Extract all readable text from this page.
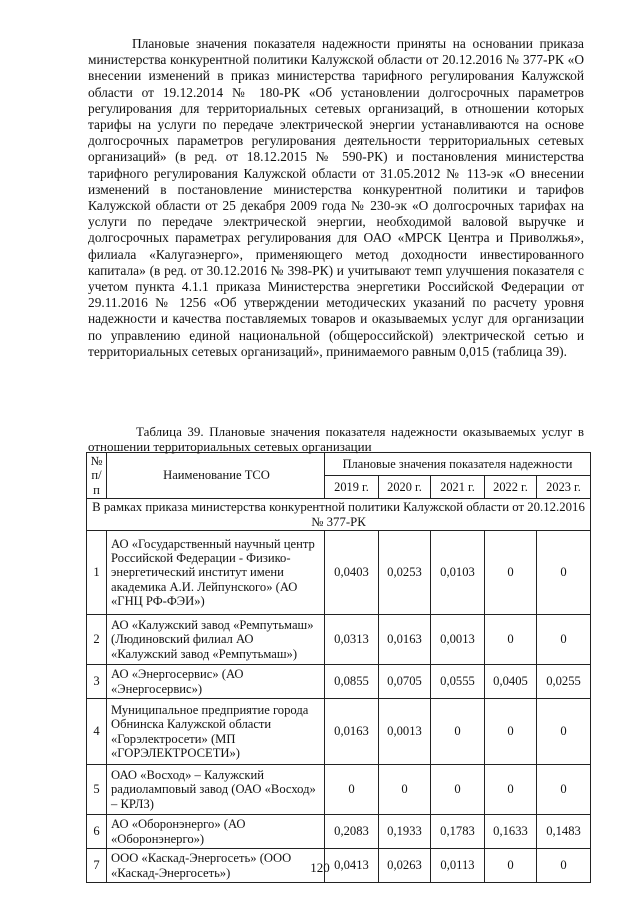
Плановые значения показателя надежности приняты на основании приказа министерства конкурентной политики Калужской области от 20.12.2016 № 377-РК «О внесении изменений в приказ министерства тарифного регулирования Калужской области от 19.12.2014 № 180-РК «Об установлении долгосрочных параметров регулирования для территориальных сетевых организаций, в отношении которых тарифы на услуги по передаче электрической энергии устанавливаются на основе долгосрочных параметров регулирования деятельности территориальных сетевых организаций» (в ред. от 18.12.2015 № 590-РК) и постановления министерства тарифного регулирования Калужской области от 31.05.2012 № 113-эк «О внесении изменений в постановление министерства конкурентной политики и тарифов Калужской области от 25 декабря 2009 года № 230-эк «О долгосрочных тарифах на услуги по передаче электрической энергии, необходимой валовой выручке и долгосрочных параметрах регулирования для ОАО «МРСК Центра и Приволжья», филиала «Калугаэнерго», применяющего метод доходности инвестированного капитала» (в ред. от 30.12.2016 № 398-РК) и учитывают темп улучшения показателя с учетом пункта 4.1.1 приказа Министерства энергетики Российской Федерации от 29.11.2016 № 1256 «Об утверждении методических указаний по расчету уровня надежности и качества поставляемых товаров и оказываемых услуг для организации по управлению единой национальной (общероссийской) электрической сетью и территориальных сетевых организаций», принимаемого равным 0,015 (таблица 39).

Таблица 39. Плановые значения показателя надежности оказываемых услуг в отношении территориальных сетевых организации

№ п/п	Наименование ТСО	Плановые значения показателя надежности				
		2019 г.	2020 г.	2021 г.	2022 г.	2023 г.
В рамках приказа министерства конкурентной политики Калужской области от 20.12.2016 № 377-РК						
1	АО «Государственный научный центр Российской Федерации - Физико-энергетический институт имени академика А.И. Лейпунского» (АО «ГНЦ РФ-ФЭИ»)	0,0403	0,0253	0,0103	0	0
2	АО «Калужский завод «Ремпутьмаш» (Людиновский филиал АО «Калужский завод «Ремпутьмаш»)	0,0313	0,0163	0,0013	0	0
3	АО «Энергосервис» (АО «Энергосервис»)	0,0855	0,0705	0,0555	0,0405	0,0255
4	Муниципальное предприятие города Обнинска Калужской области «Горэлектросети» (МП «ГОРЭЛЕКТРОСЕТИ»)	0,0163	0,0013	0	0	0
5	ОАО «Восход» – Калужский радиоламповый завод (ОАО «Восход» – КРЛЗ)	0	0	0	0	0
6	АО «Оборонэнерго» (АО «Оборонэнерго»)	0,2083	0,1933	0,1783	0,1633	0,1483
7	ООО «Каскад-Энергосеть» (ООО «Каскад-Энергосеть»)	0,0413	0,0263	0,0113	0	0
120
